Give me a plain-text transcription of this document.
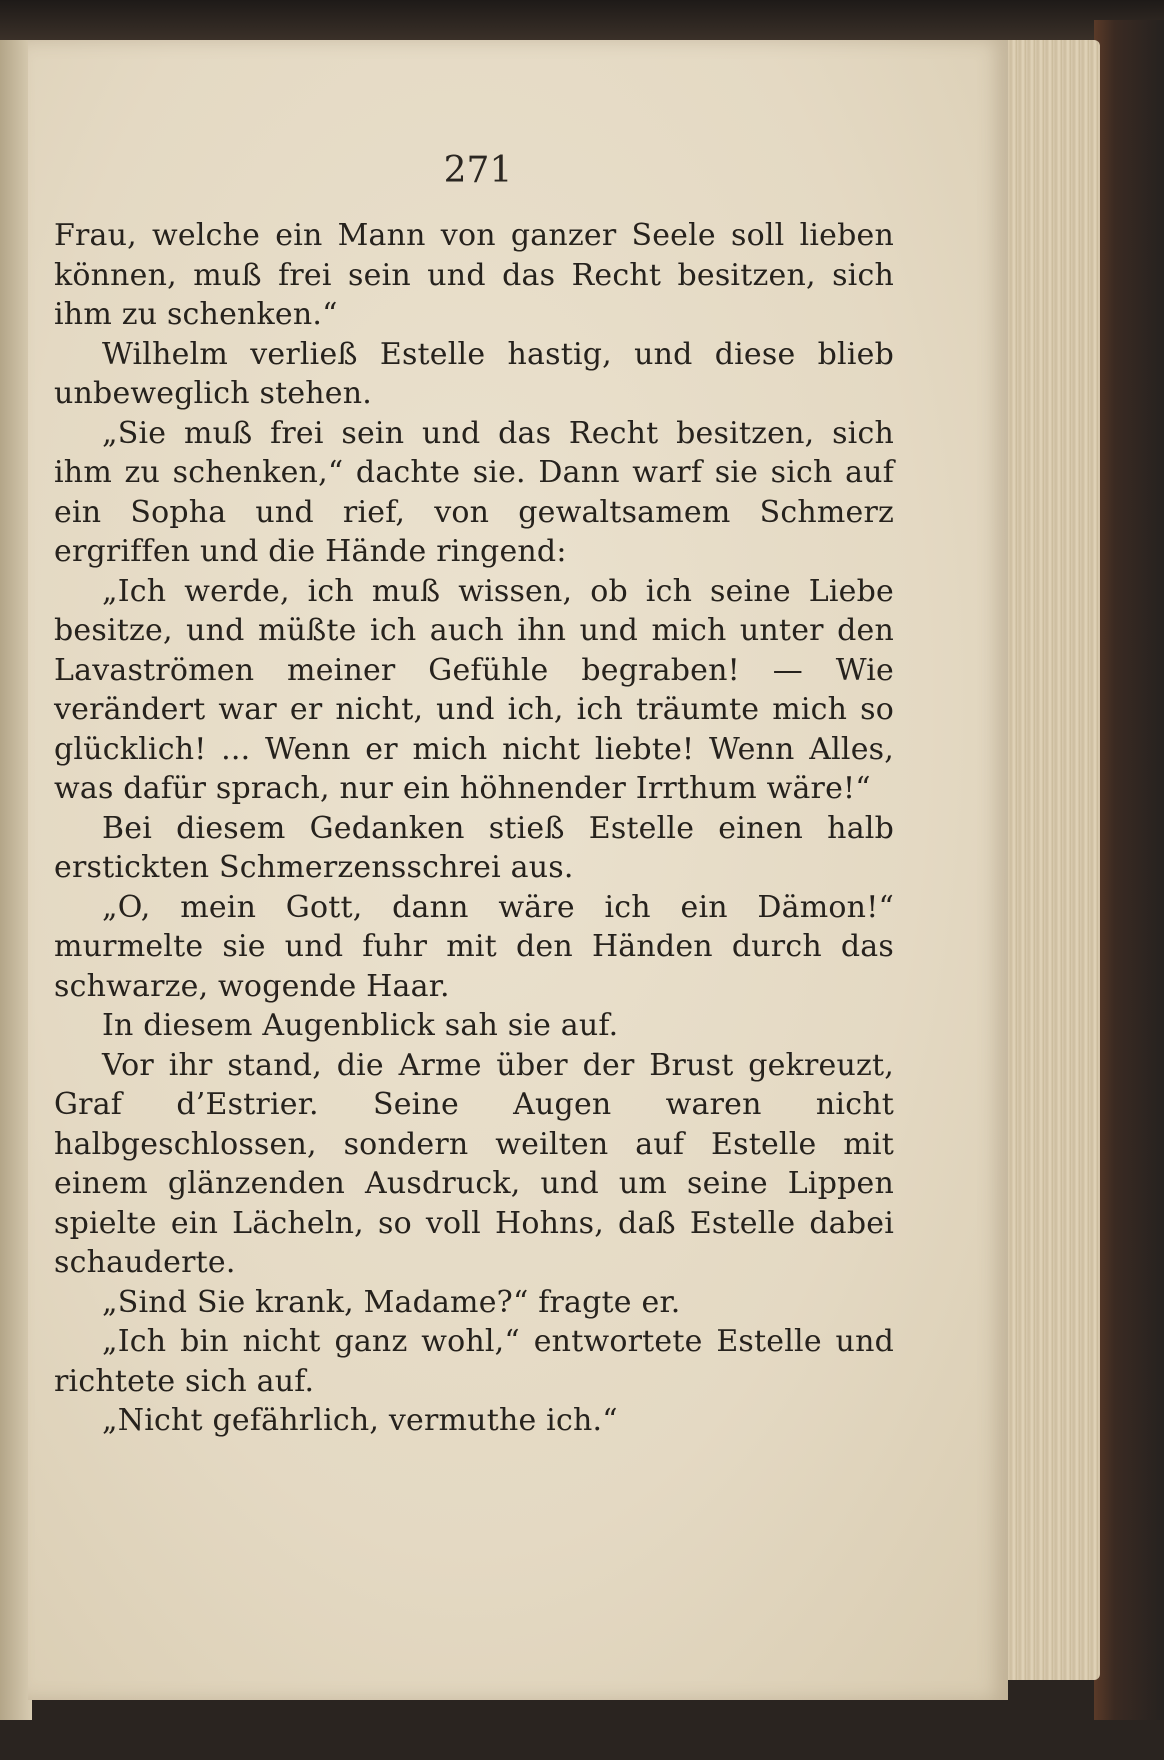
271

Frau, welche ein Mann von ganzer Seele soll lieben können, muß frei sein und das Recht besitzen, sich ihm zu schenken.“

Wilhelm verließ Estelle hastig, und diese blieb unbeweglich stehen.

„Sie muß frei sein und das Recht besitzen, sich ihm zu schenken,“ dachte sie. Dann warf sie sich auf ein Sopha und rief, von gewaltsamem Schmerz ergriffen und die Hände ringend:

„Ich werde, ich muß wissen, ob ich seine Liebe besitze, und müßte ich auch ihn und mich unter den Lavaströmen meiner Gefühle begraben! — Wie verändert war er nicht, und ich, ich träumte mich so glücklich! ... Wenn er mich nicht liebte! Wenn Alles, was dafür sprach, nur ein höhnender Irrthum wäre!“

Bei diesem Gedanken stieß Estelle einen halb erstickten Schmerzensschrei aus.

„O, mein Gott, dann wäre ich ein Dämon!“ murmelte sie und fuhr mit den Händen durch das schwarze, wogende Haar.

In diesem Augenblick sah sie auf.

Vor ihr stand, die Arme über der Brust gekreuzt, Graf d’Estrier. Seine Augen waren nicht halbgeschlossen, sondern weilten auf Estelle mit einem glänzenden Ausdruck, und um seine Lippen spielte ein Lächeln, so voll Hohns, daß Estelle dabei schauderte.

„Sind Sie krank, Madame?“ fragte er.

„Ich bin nicht ganz wohl,“ entwortete Estelle und richtete sich auf.

„Nicht gefährlich, vermuthe ich.“
